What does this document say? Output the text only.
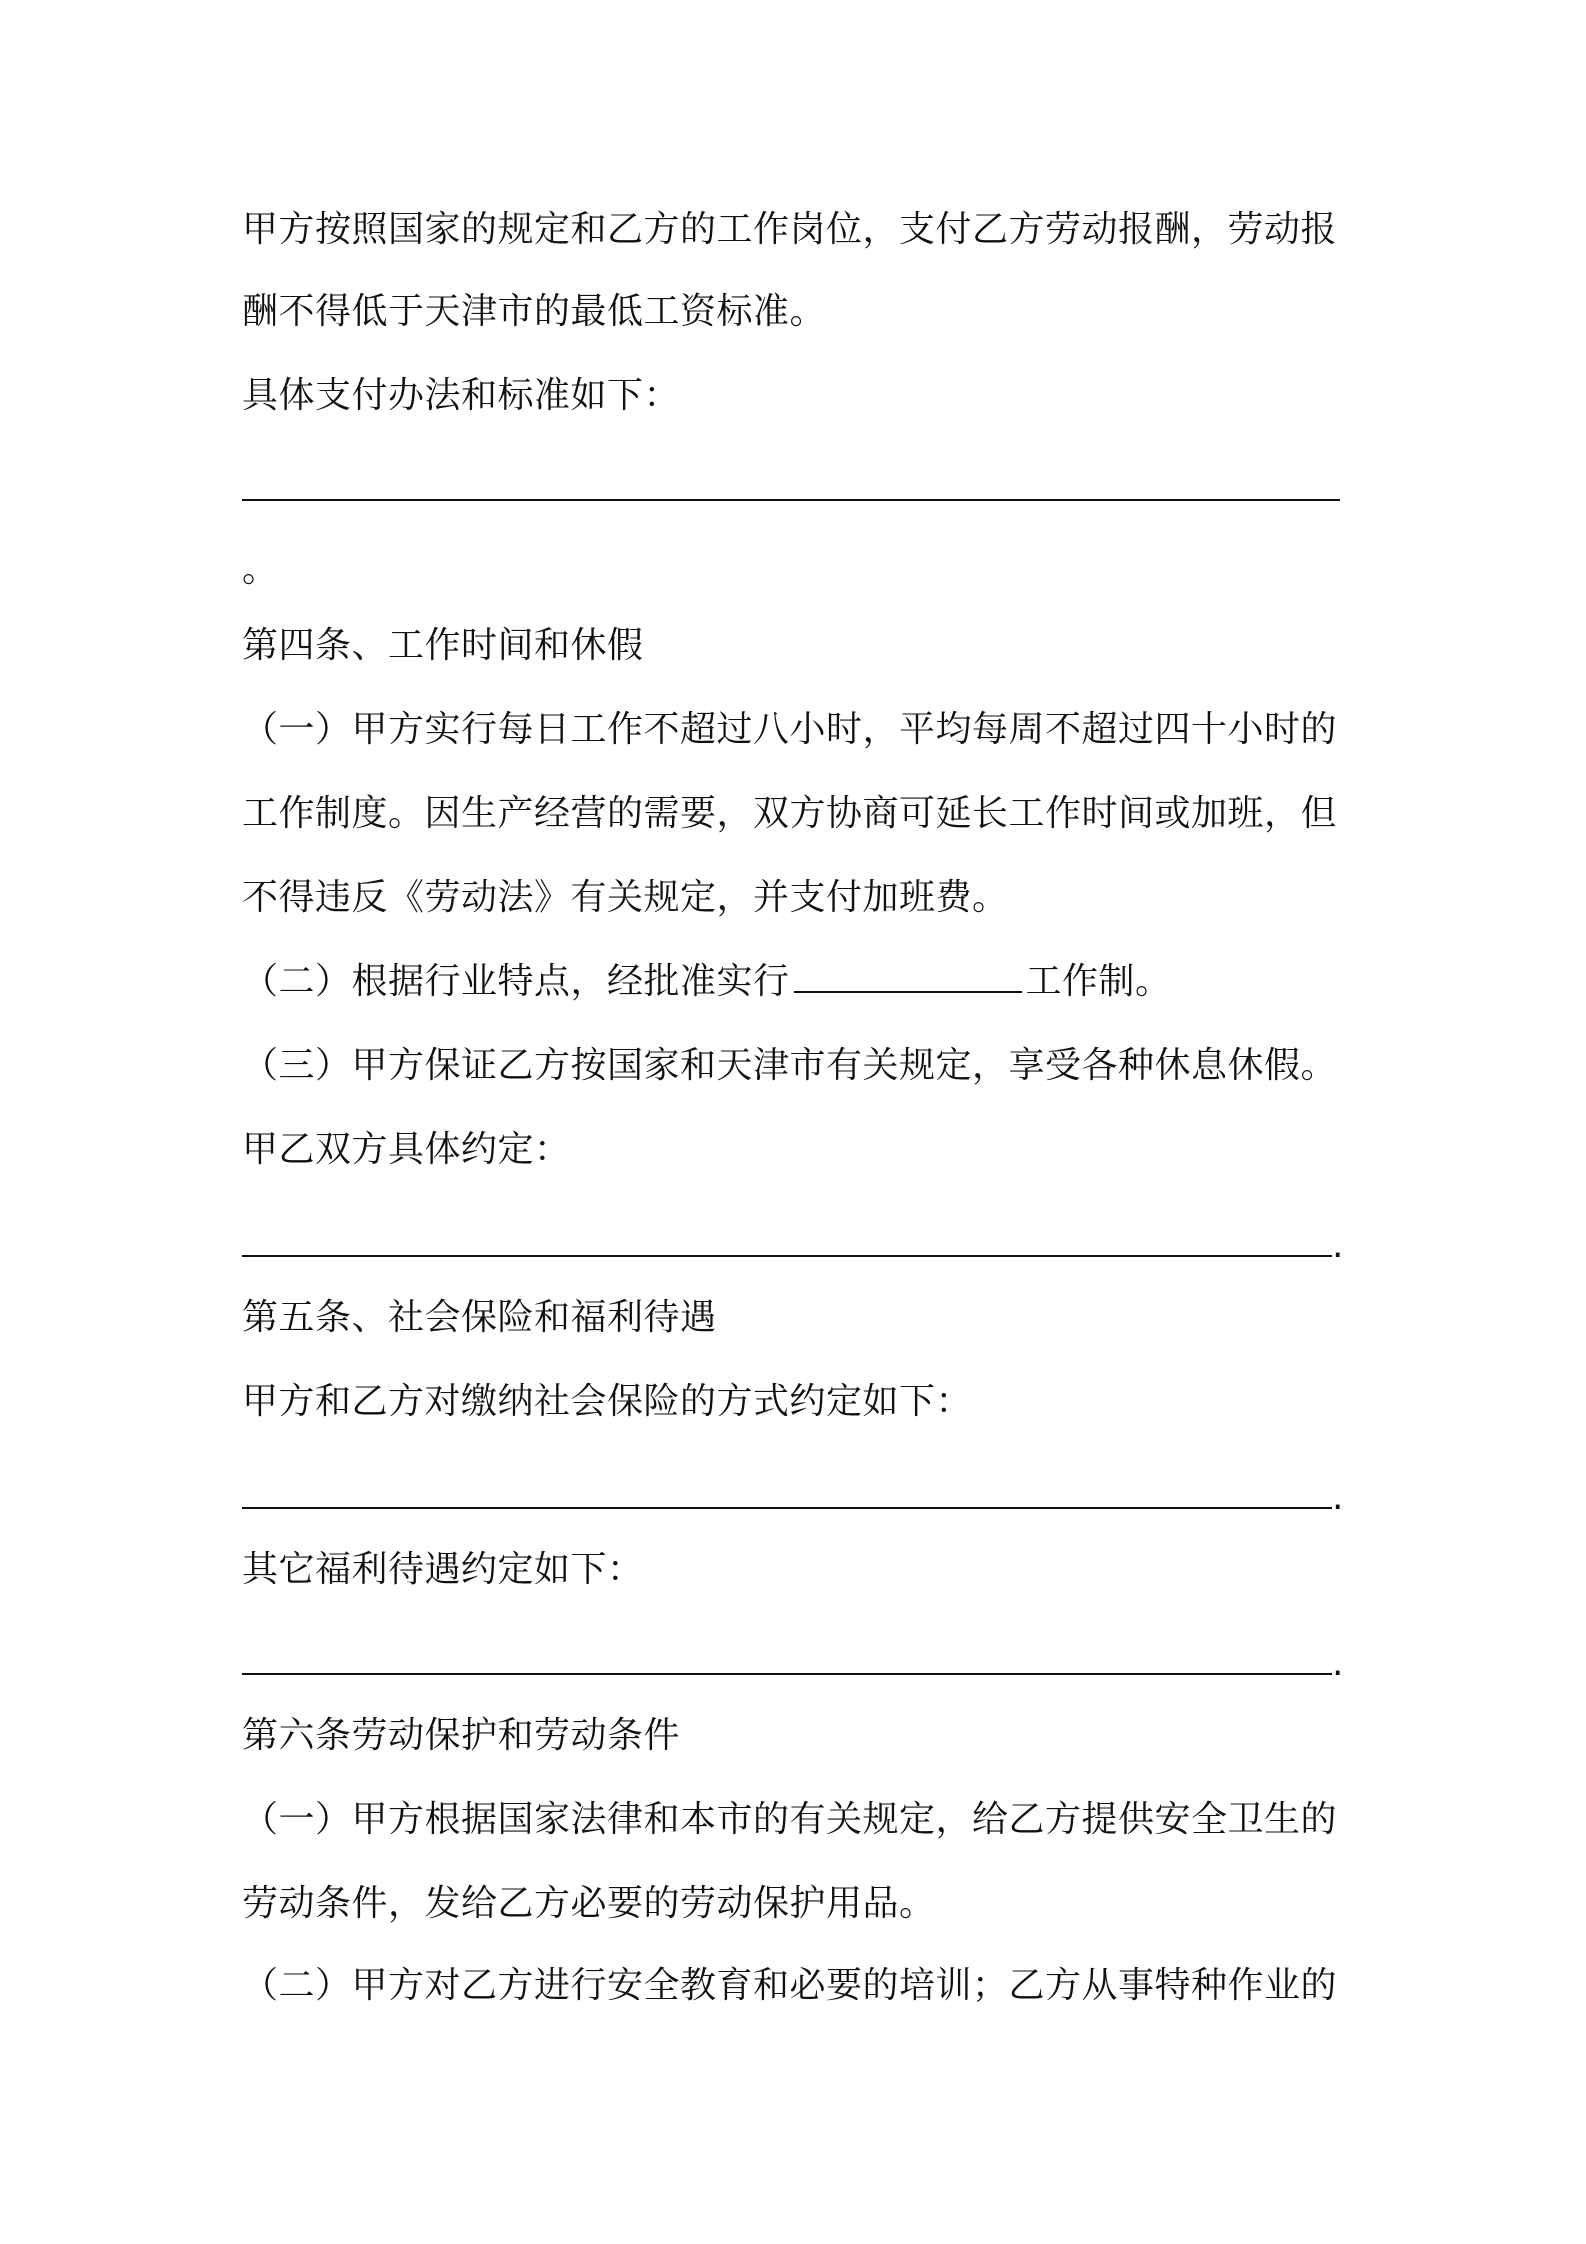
甲方按照国家的规定和乙方的工作岗位，支付乙方劳动报酬，劳动报
酬不得低于天津市的最低工资标准。
具体支付办法和标准如下：
。
第四条、工作时间和休假
（一）甲方实行每日工作不超过八小时，平均每周不超过四十小时的
工作制度。因生产经营的需要，双方协商可延长工作时间或加班，但
不得违反《劳动法》有关规定，并支付加班费。
（二）根据行业特点，经批准实行	工作制。
（三）甲方保证乙方按国家和天津市有关规定，享受各种休息休假。
甲乙双方具体约定：
.
第五条、社会保险和福利待遇
甲方和乙方对缴纳社会保险的方式约定如下：
.
其它福利待遇约定如下：
.
第六条劳动保护和劳动条件
（一）甲方根据国家法律和本市的有关规定，给乙方提供安全卫生的
劳动条件，发给乙方必要的劳动保护用品。
（二）甲方对乙方进行安全教育和必要的培训；乙方从事特种作业的
